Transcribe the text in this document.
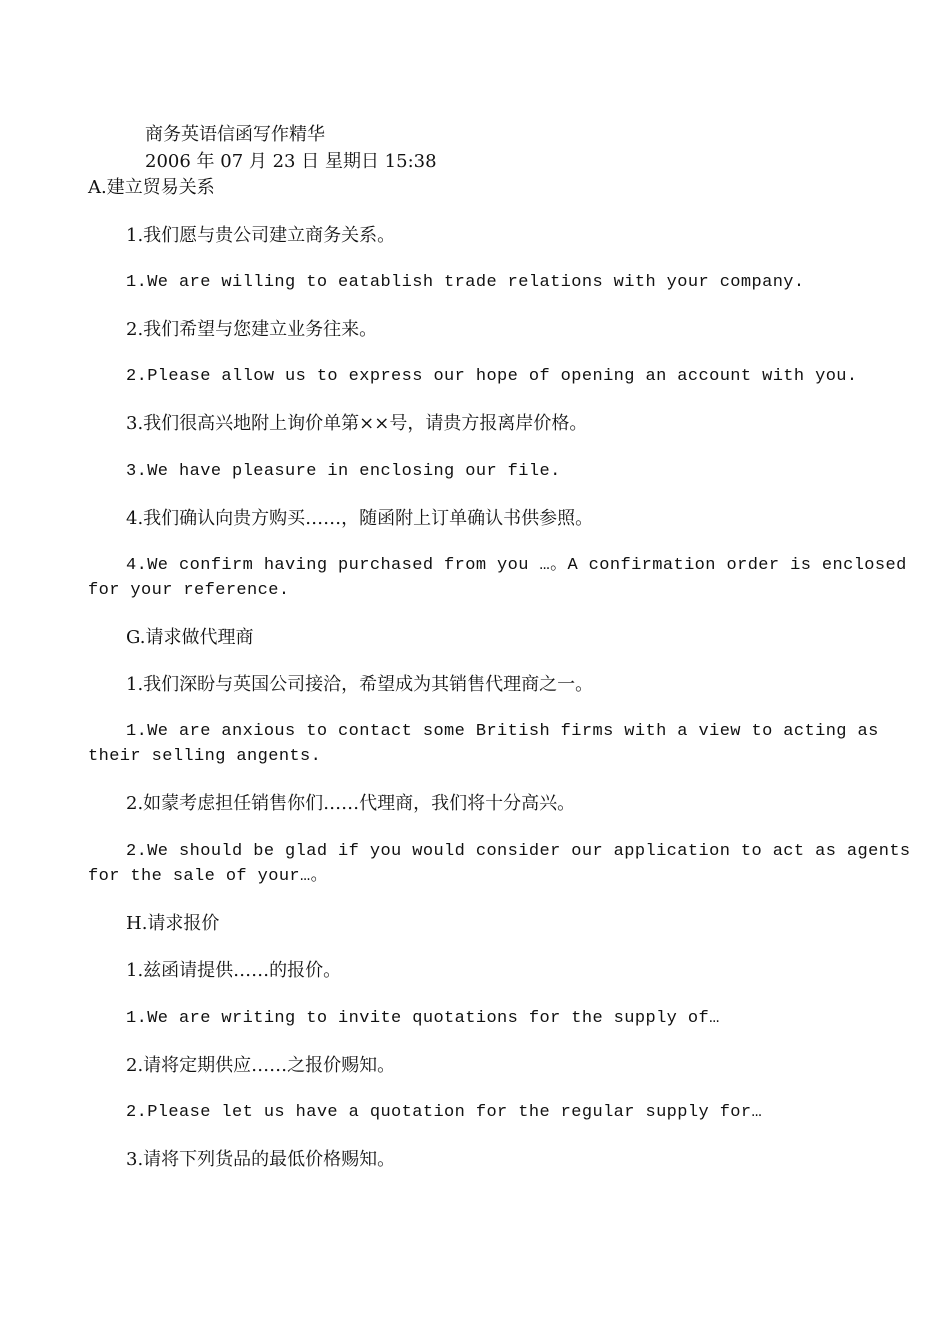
商务英语信函写作精华
2006 年 07 月 23 日 星期日 15:38
A.建立贸易关系
1.我们愿与贵公司建立商务关系。
1.We are willing to eatablish trade relations with your company.
2.我们希望与您建立业务往来。
2.Please allow us to express our hope of opening an account with you.
3.我们很高兴地附上询价单第××号，请贵方报离岸价格。
3.We have pleasure in enclosing our file.
4.我们确认向贵方购买……，随函附上订单确认书供参照。
4.We confirm having purchased from you …。A confirmation order is enclosed
for your reference.
G.请求做代理商
1.我们深盼与英国公司接洽，希望成为其销售代理商之一。
1.We are anxious to contact some British firms with a view to acting as
their selling angents.
2.如蒙考虑担任销售你们……代理商，我们将十分高兴。
2.We should be glad if you would consider our application to act as agents
for the sale of your…。
H.请求报价
1.兹函请提供……的报价。
1.We are writing to invite quotations for the supply of…
2.请将定期供应……之报价赐知。
2.Please let us have a quotation for the regular supply for…
3.请将下列货品的最低价格赐知。
